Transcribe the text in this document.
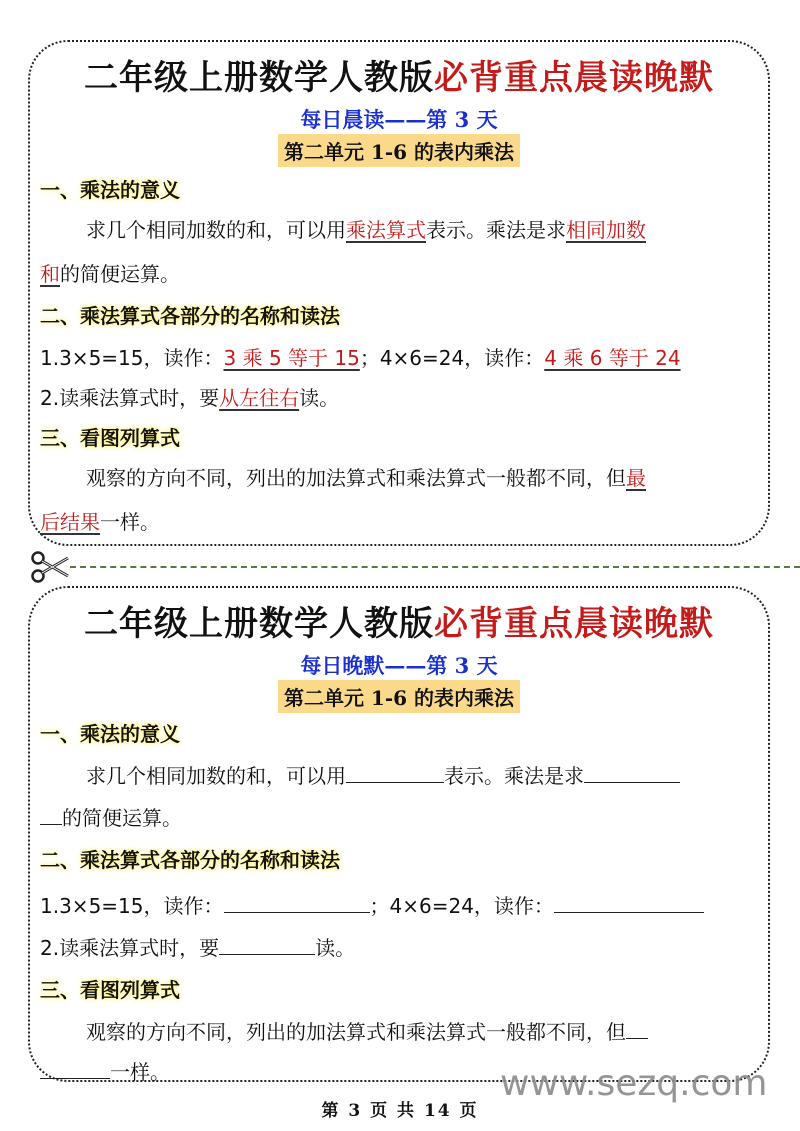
二年级上册数学人教版必背重点晨读晚默
每日晨读——第 3 天
第二单元 1-6 的表内乘法
一、乘法的意义
求几个相同加数的和，可以用乘法算式表示。乘法是求相同加数
和的简便运算。
二、乘法算式各部分的名称和读法
1.3×5=15，读作：3 乘 5 等于 15；4×6=24，读作：4 乘 6 等于 24
2.读乘法算式时，要从左往右读。
三、看图列算式
观察的方向不同，列出的加法算式和乘法算式一般都不同，但最
后结果一样。
二年级上册数学人教版必背重点晨读晚默
每日晚默——第 3 天
第二单元 1-6 的表内乘法
一、乘法的意义
求几个相同加数的和，可以用	表示。乘法是求
的简便运算。
二、乘法算式各部分的名称和读法
1.3×5=15，读作：	；4×6=24，读作：
2.读乘法算式时，要	读。
三、看图列算式
观察的方向不同，列出的加法算式和乘法算式一般都不同，但
一样。	www.sezq.com
第 3 页 共 14 页
